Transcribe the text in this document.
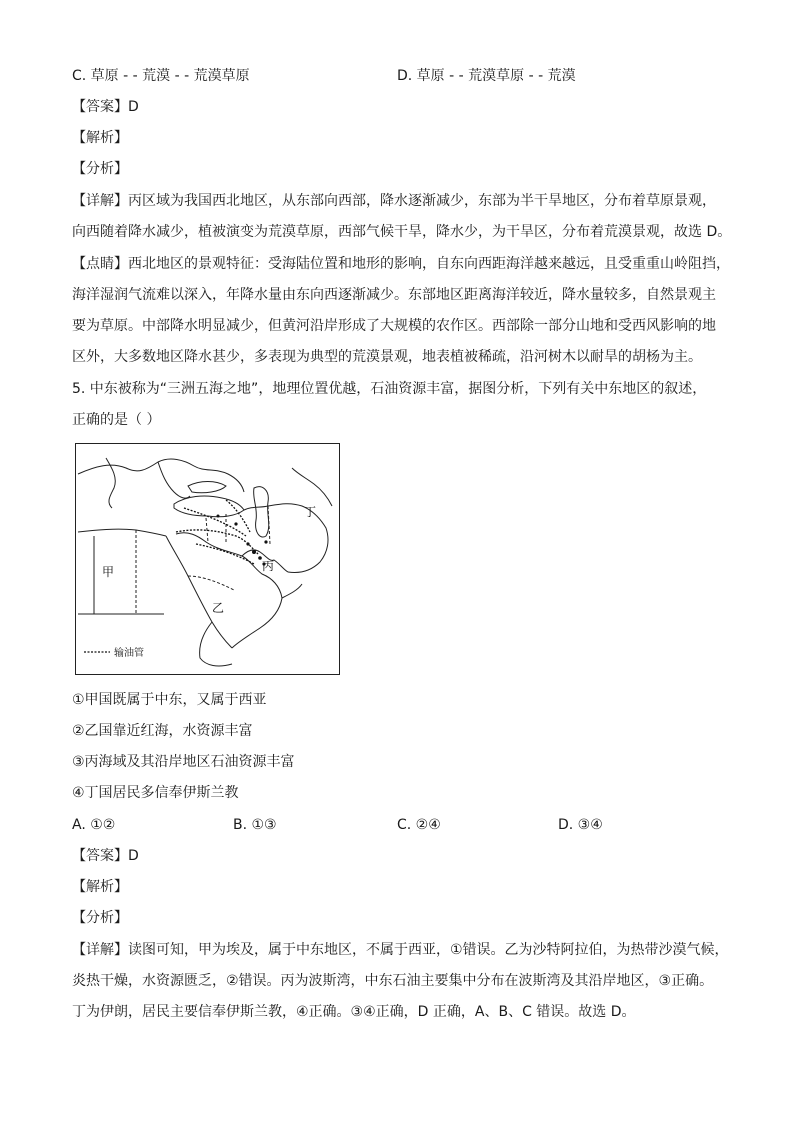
C. 草原 - - 荒漠 - - 荒漠草原	D. 草原 - - 荒漠草原 - - 荒漠
【答案】D
【解析】
【分析】
【详解】丙区域为我国西北地区，从东部向西部，降水逐渐减少，东部为半干旱地区，分布着草原景观，
向西随着降水减少，植被演变为荒漠草原，西部气候干旱，降水少，为干旱区，分布着荒漠景观，故选 D。
【点睛】西北地区的景观特征：受海陆位置和地形的影响，自东向西距海洋越来越远，且受重重山岭阻挡，
海洋湿润气流难以深入，年降水量由东向西逐渐减少。东部地区距离海洋较近，降水量较多，自然景观主
要为草原。中部降水明显减少，但黄河沿岸形成了大规模的农作区。西部除一部分山地和受西风影响的地
区外，大多数地区降水甚少，多表现为典型的荒漠景观，地表植被稀疏，沿河树木以耐旱的胡杨为主。
5. 中东被称为“三洲五海之地”，地理位置优越，石油资源丰富，据图分析，下列有关中东地区的叙述，
正确的是（ ）
甲
乙
丙
丁
输油管
①甲国既属于中东，又属于西亚
②乙国靠近红海，水资源丰富
③丙海域及其沿岸地区石油资源丰富
④丁国居民多信奉伊斯兰教
A. ①②	B. ①③	C. ②④	D. ③④
【答案】D
【解析】
【分析】
【详解】读图可知，甲为埃及，属于中东地区，不属于西亚，①错误。乙为沙特阿拉伯，为热带沙漠气候，
炎热干燥，水资源匮乏，②错误。丙为波斯湾，中东石油主要集中分布在波斯湾及其沿岸地区，③正确。
丁为伊朗，居民主要信奉伊斯兰教，④正确。③④正确，D 正确，A、B、C 错误。故选 D。
